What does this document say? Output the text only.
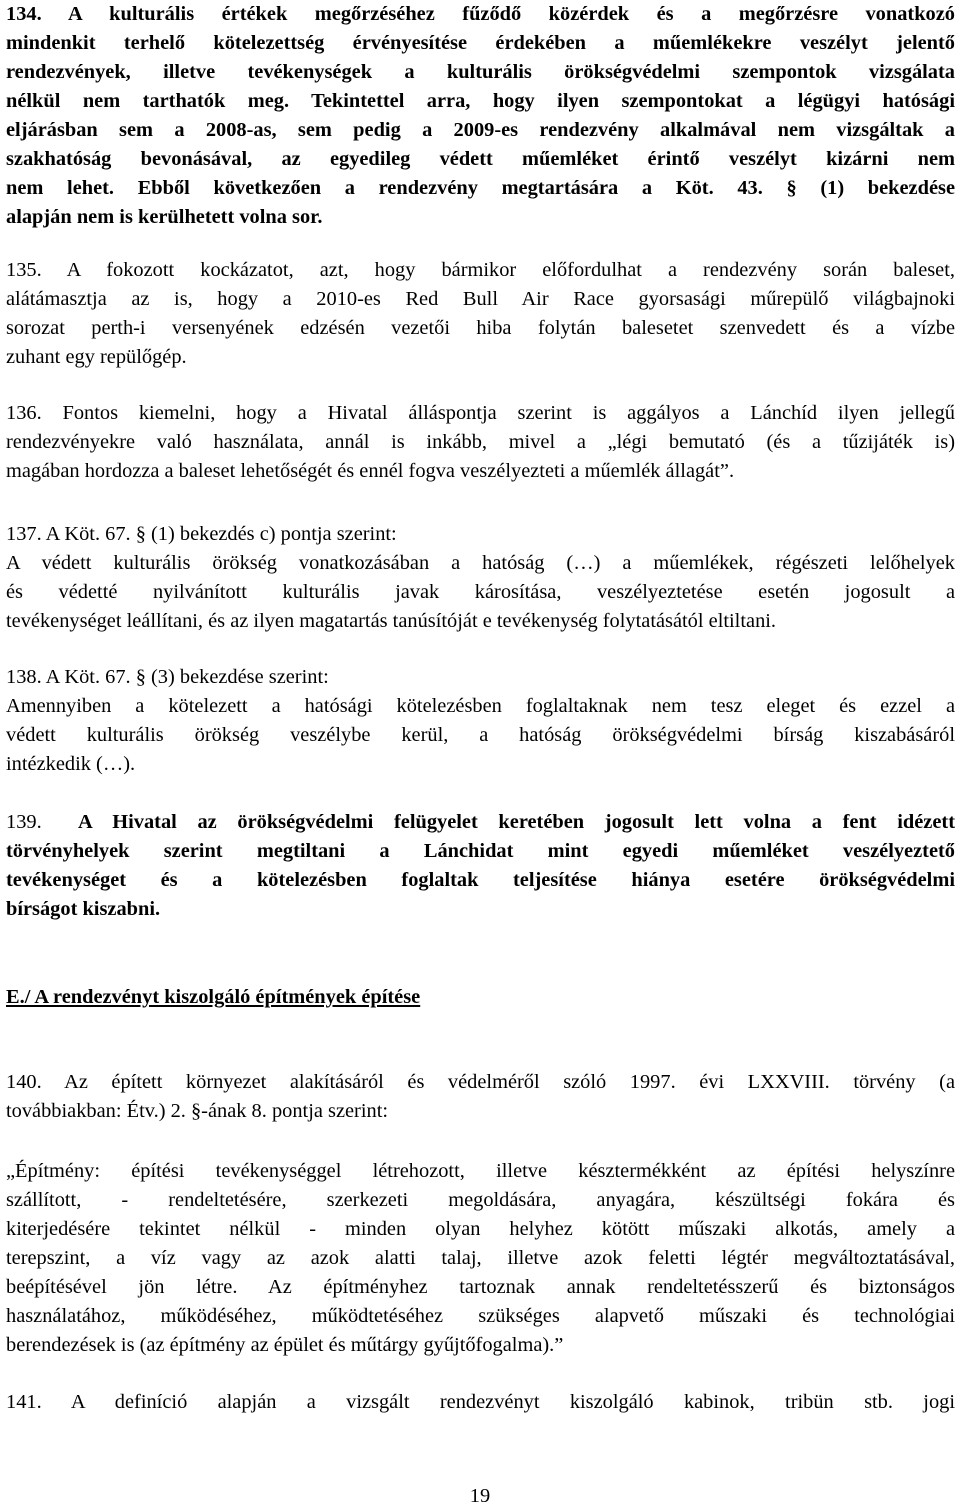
134. A kulturális értékek megőrzéséhez fűződő közérdek és a megőrzésre vonatkozó
mindenkit terhelő kötelezettség érvényesítése érdekében a műemlékekre veszélyt jelentő
rendezvények, illetve tevékenységek a kulturális örökségvédelmi szempontok vizsgálata
nélkül nem tarthatók meg. Tekintettel arra, hogy ilyen szempontokat a légügyi hatósági
eljárásban sem a 2008-as, sem pedig a 2009-es rendezvény alkalmával nem vizsgáltak a
szakhatóság bevonásával, az egyedileg védett műemléket érintő veszélyt kizárni nem
nem lehet. Ebből következően a rendezvény megtartására a Köt. 43. § (1) bekezdése
alapján nem is kerülhetett volna sor.
135. A fokozott kockázatot, azt, hogy bármikor előfordulhat a rendezvény során baleset,
alátámasztja az is, hogy a 2010-es Red Bull Air Race gyorsasági műrepülő világbajnoki
sorozat perth-i versenyének edzésén vezetői hiba folytán balesetet szenvedett és a vízbe
zuhant egy repülőgép.
136. Fontos kiemelni, hogy a Hivatal álláspontja szerint is aggályos a Lánchíd ilyen jellegű
rendezvényekre való használata, annál is inkább, mivel a „légi bemutató (és a tűzijáték is)
magában hordozza a baleset lehetőségét és ennél fogva veszélyezteti a műemlék állagát”.
137. A Köt. 67. § (1) bekezdés c) pontja szerint:
A védett kulturális örökség vonatkozásában a hatóság (…) a műemlékek, régészeti lelőhelyek
és védetté nyilvánított kulturális javak károsítása, veszélyeztetése esetén jogosult a
tevékenységet leállítani, és az ilyen magatartás tanúsítóját e tevékenység folytatásától eltiltani.
138. A Köt. 67. § (3) bekezdése szerint:
Amennyiben a kötelezett a hatósági kötelezésben foglaltaknak nem tesz eleget és ezzel a
védett kulturális örökség veszélybe kerül, a hatóság örökségvédelmi bírság kiszabásáról
intézkedik (…).
139. A Hivatal az örökségvédelmi felügyelet keretében jogosult lett volna a fent idézett
törvényhelyek szerint megtiltani a Lánchidat mint egyedi műemléket veszélyeztető
tevékenységet és a kötelezésben foglaltak teljesítése hiánya esetére örökségvédelmi
bírságot kiszabni.
E./ A rendezvényt kiszolgáló építmények építése
140. Az épített környezet alakításáról és védelméről szóló 1997. évi LXXVIII. törvény (a
továbbiakban: Étv.) 2. §-ának 8. pontja szerint:
„Építmény: építési tevékenységgel létrehozott, illetve késztermékként az építési helyszínre
szállított, - rendeltetésére, szerkezeti megoldására, anyagára, készültségi fokára és
kiterjedésére tekintet nélkül - minden olyan helyhez kötött műszaki alkotás, amely a
terepszint, a víz vagy az azok alatti talaj, illetve azok feletti légtér megváltoztatásával,
beépítésével jön létre. Az építményhez tartoznak annak rendeltetésszerű és biztonságos
használatához, működéséhez, működtetéséhez szükséges alapvető műszaki és technológiai
berendezések is (az építmény az épület és műtárgy gyűjtőfogalma).”
141. A definíció alapján a vizsgált rendezvényt kiszolgáló kabinok, tribün stb. jogi
19
